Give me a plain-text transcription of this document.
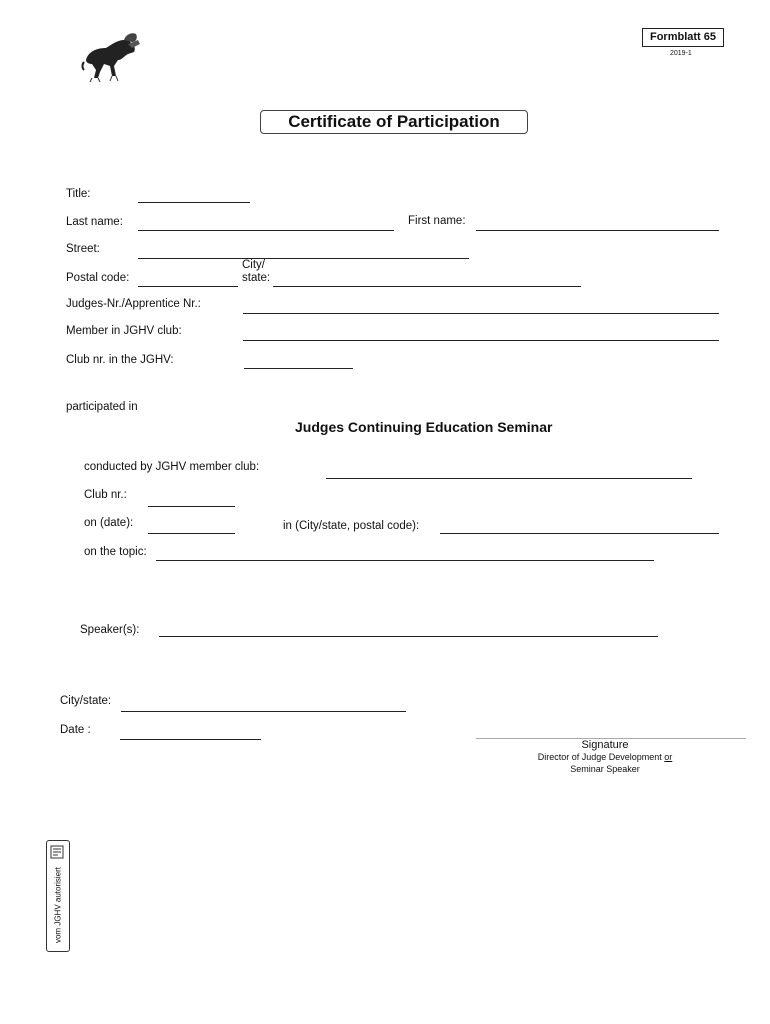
Formblatt 65
2019-1
Certificate of Participation
Title:
Last name:	First name:
Street:
Postal code:
City/
state:
Judges-Nr./Apprentice Nr.:
Member in JGHV club:
Club nr. in the JGHV:
participated in
Judges Continuing Education Seminar
conducted by JGHV member club:
Club nr.:
on (date):	in (City/state, postal code):
on the topic:
Speaker(s):
City/state:
Date :
Signature
Director of Judge Development or
Seminar Speaker
vom JGHV autorisiert
